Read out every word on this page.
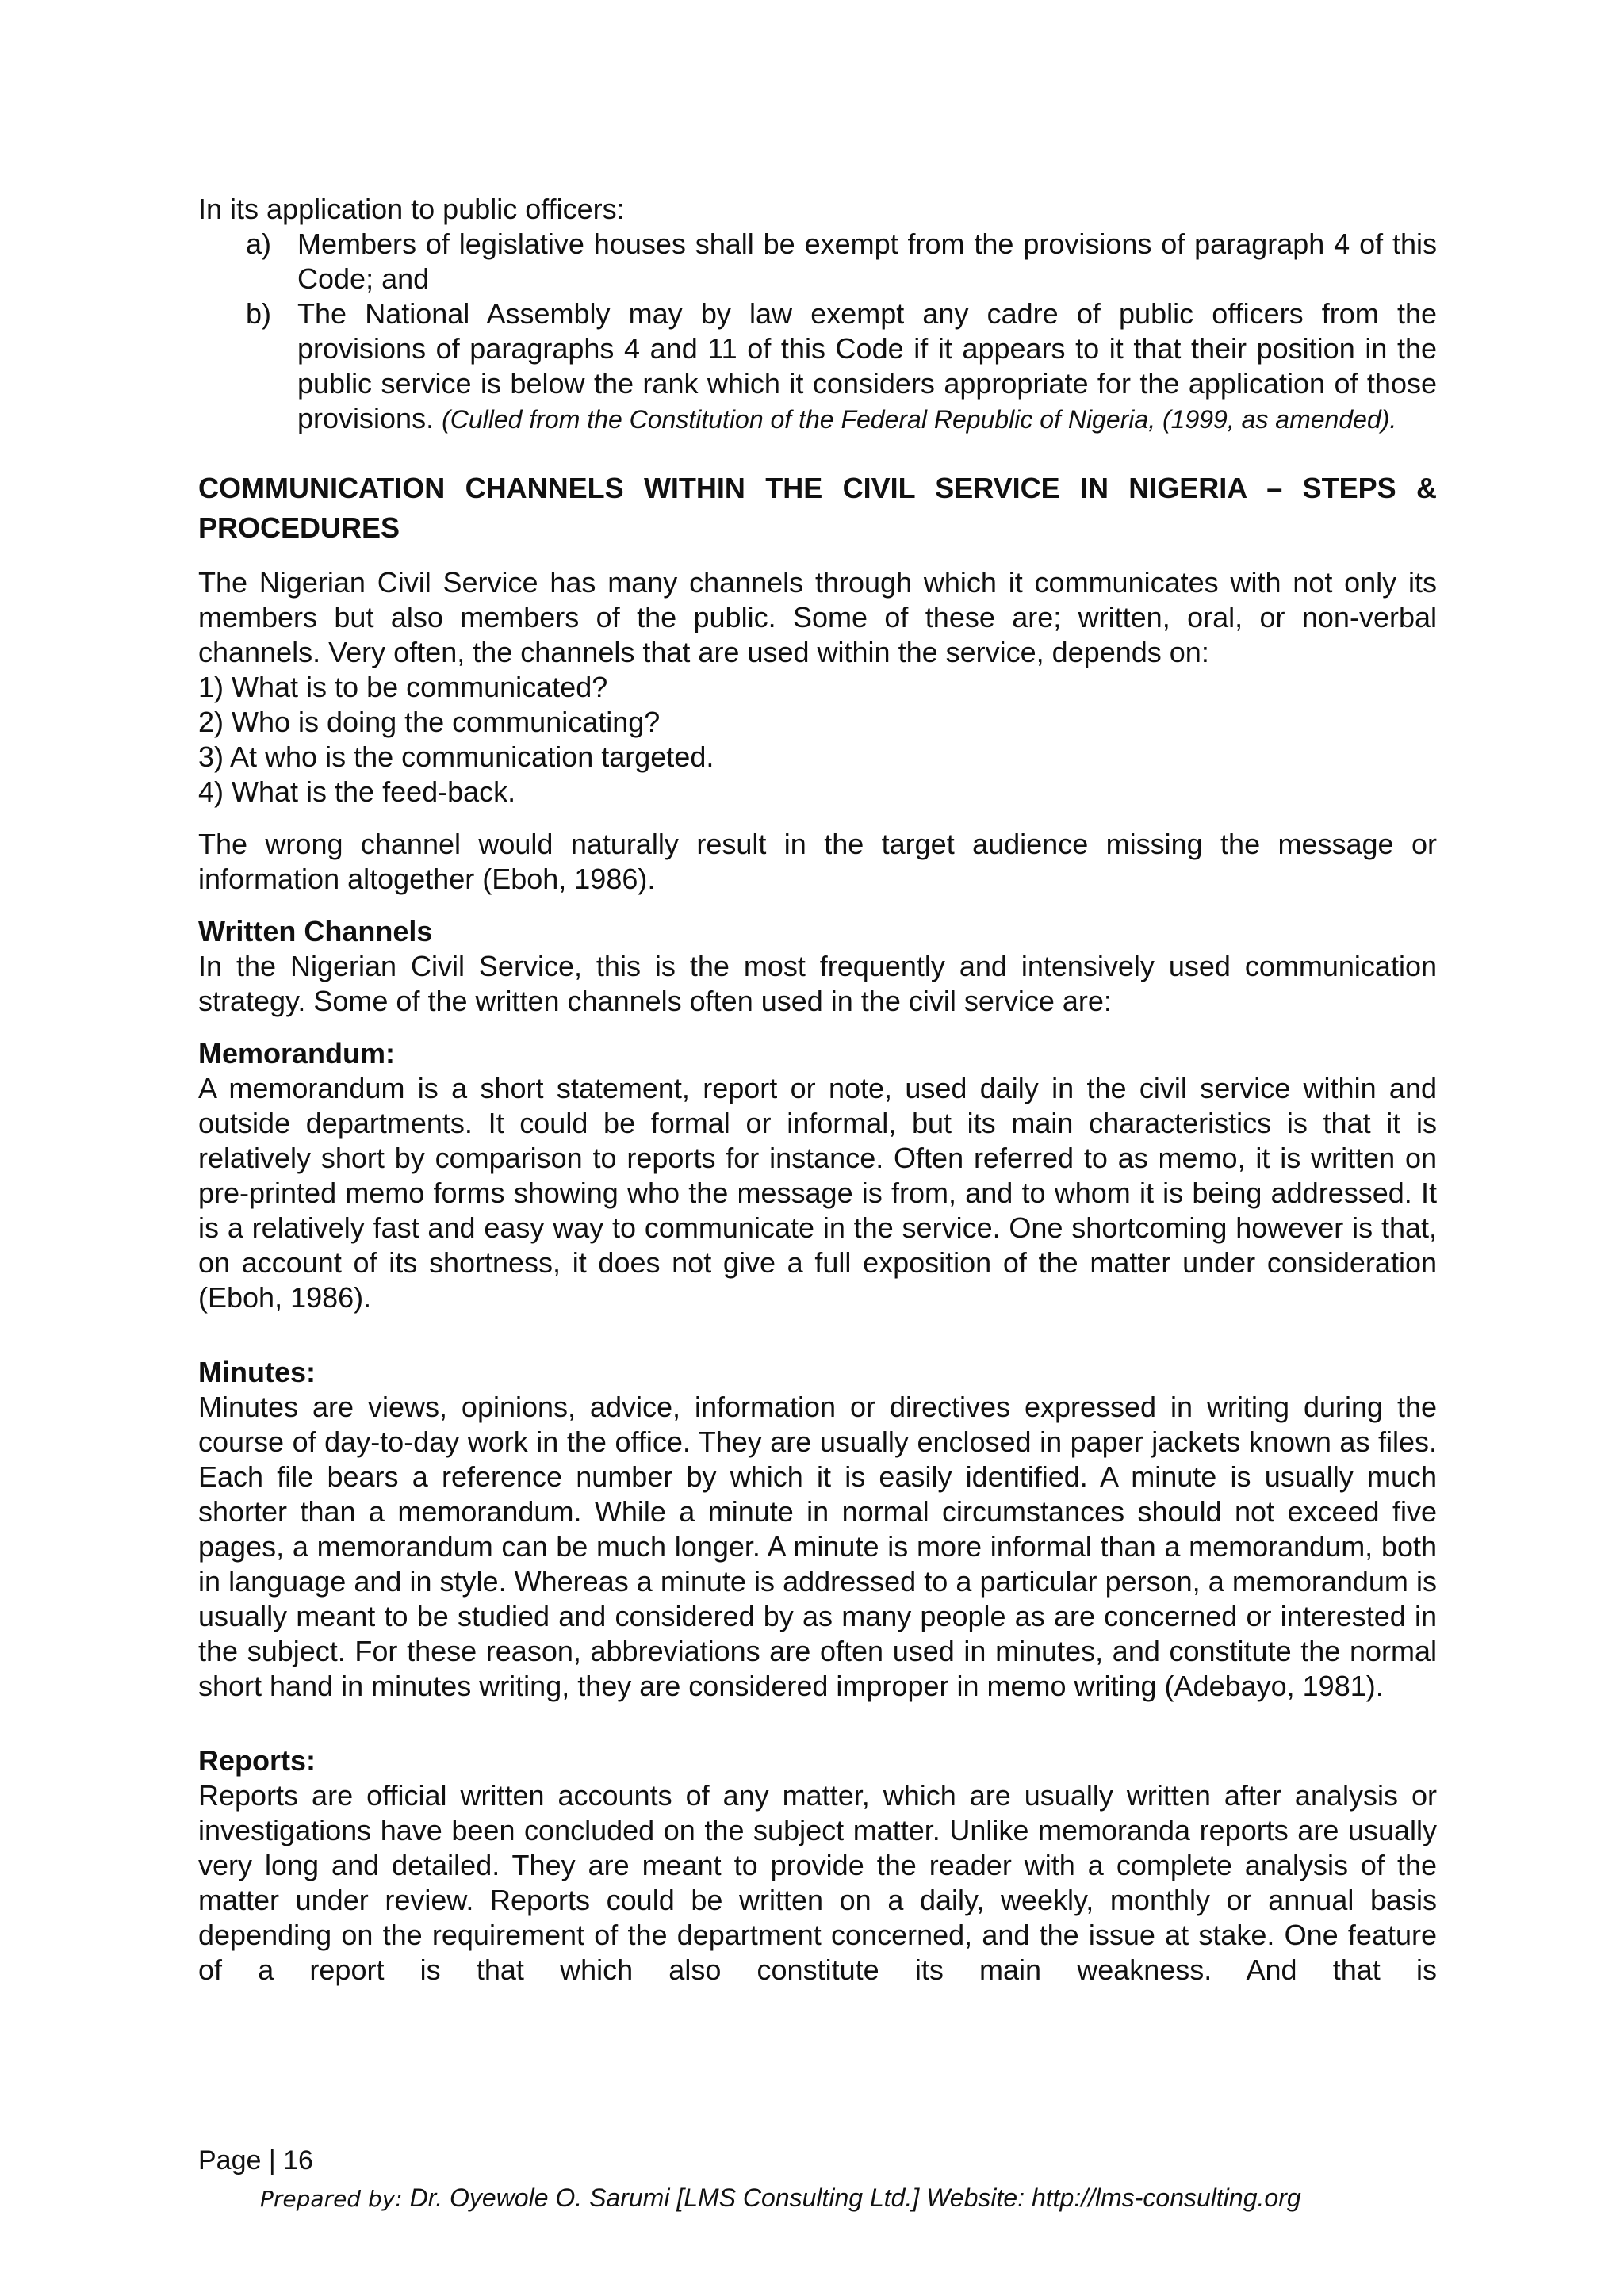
In its application to public officers:

a) Members of legislative houses shall be exempt from the provisions of paragraph 4 of this Code; and
b) The National Assembly may by law exempt any cadre of public officers from the provisions of paragraphs 4 and 11 of this Code if it appears to it that their position in the public service is below the rank which it considers appropriate for the application of those provisions. (Culled from the Constitution of the Federal Republic of Nigeria, (1999, as amended).

COMMUNICATION CHANNELS WITHIN THE CIVIL SERVICE IN NIGERIA – STEPS & PROCEDURES

The Nigerian Civil Service has many channels through which it communicates with not only its members but also members of the public. Some of these are; written, oral, or non-verbal channels. Very often, the channels that are used within the service, depends on:

1) What is to be communicated?
2) Who is doing the communicating?
3) At who is the communication targeted.
4) What is the feed-back.

The wrong channel would naturally result in the target audience missing the message or information altogether (Eboh, 1986).

Written Channels

In the Nigerian Civil Service, this is the most frequently and intensively used communication strategy. Some of the written channels often used in the civil service are:

Memorandum:

A memorandum is a short statement, report or note, used daily in the civil service within and outside departments. It could be formal or informal, but its main characteristics is that it is relatively short by comparison to reports for instance. Often referred to as memo, it is written on pre-printed memo forms showing who the message is from, and to whom it is being addressed. It is a relatively fast and easy way to communicate in the service. One shortcoming however is that, on account of its shortness, it does not give a full exposition of the matter under consideration (Eboh, 1986).

Minutes:

Minutes are views, opinions, advice, information or directives expressed in writing during the course of day-to-day work in the office. They are usually enclosed in paper jackets known as files. Each file bears a reference number by which it is easily identified. A minute is usually much shorter than a memorandum. While a minute in normal circumstances should not exceed five pages, a memorandum can be much longer. A minute is more informal than a memorandum, both in language and in style. Whereas a minute is addressed to a particular person, a memorandum is usually meant to be studied and considered by as many people as are concerned or interested in the subject. For these reason, abbreviations are often used in minutes, and constitute the normal short hand in minutes writing, they are considered improper in memo writing (Adebayo, 1981).

Reports:

Reports are official written accounts of any matter, which are usually written after analysis or investigations have been concluded on the subject matter. Unlike memoranda reports are usually very long and detailed. They are meant to provide the reader with a complete analysis of the matter under review. Reports could be written on a daily, weekly, monthly or annual basis depending on the requirement of the department concerned, and the issue at stake. One feature of a report is that which also constitute its main weakness. And that is

Page | 16
Prepared by: Dr. Oyewole O. Sarumi [LMS Consulting Ltd.] Website: http://lms-consulting.org
